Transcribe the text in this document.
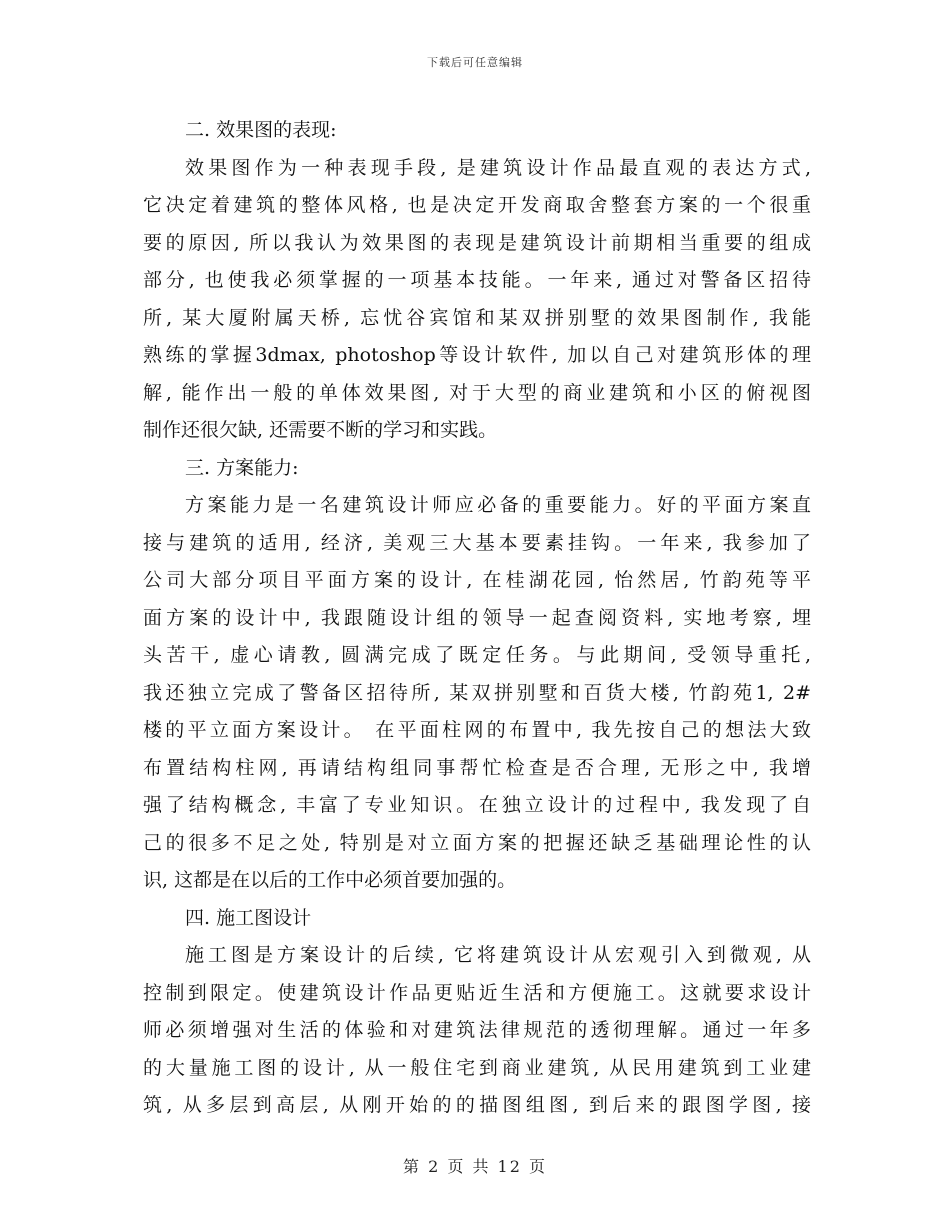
下载后可任意编辑
二. 效果图的表现:
效果图作为一种表现手段, 是建筑设计作品最直观的表达方式,
它决定着建筑的整体风格, 也是决定开发商取舍整套方案的一个很重
要的原因, 所以我认为效果图的表现是建筑设计前期相当重要的组成
部分, 也使我必须掌握的一项基本技能。一年来, 通过对警备区招待
所, 某大厦附属天桥, 忘忧谷宾馆和某双拼别墅的效果图制作, 我能
熟练的掌握3dmax, photoshop等设计软件, 加以自己对建筑形体的理
解, 能作出一般的单体效果图, 对于大型的商业建筑和小区的俯视图
制作还很欠缺, 还需要不断的学习和实践。
三. 方案能力:
方案能力是一名建筑设计师应必备的重要能力。好的平面方案直
接与建筑的适用, 经济, 美观三大基本要素挂钩。一年来, 我参加了
公司大部分项目平面方案的设计, 在桂湖花园, 怡然居, 竹韵苑等平
面方案的设计中, 我跟随设计组的领导一起查阅资料, 实地考察, 埋
头苦干, 虚心请教, 圆满完成了既定任务。与此期间, 受领导重托,
我还独立完成了警备区招待所, 某双拼别墅和百货大楼, 竹韵苑1, 2#
楼的平立面方案设计。 在平面柱网的布置中, 我先按自己的想法大致
布置结构柱网, 再请结构组同事帮忙检查是否合理, 无形之中, 我增
强了结构概念, 丰富了专业知识。在独立设计的过程中, 我发现了自
己的很多不足之处, 特别是对立面方案的把握还缺乏基础理论性的认
识, 这都是在以后的工作中必须首要加强的。
四. 施工图设计
施工图是方案设计的后续, 它将建筑设计从宏观引入到微观, 从
控制到限定。使建筑设计作品更贴近生活和方便施工。这就要求设计
师必须增强对生活的体验和对建筑法律规范的透彻理解。通过一年多
的大量施工图的设计, 从一般住宅到商业建筑, 从民用建筑到工业建
筑, 从多层到高层, 从刚开始的的描图组图, 到后来的跟图学图, 接
第 2 页 共 12 页
